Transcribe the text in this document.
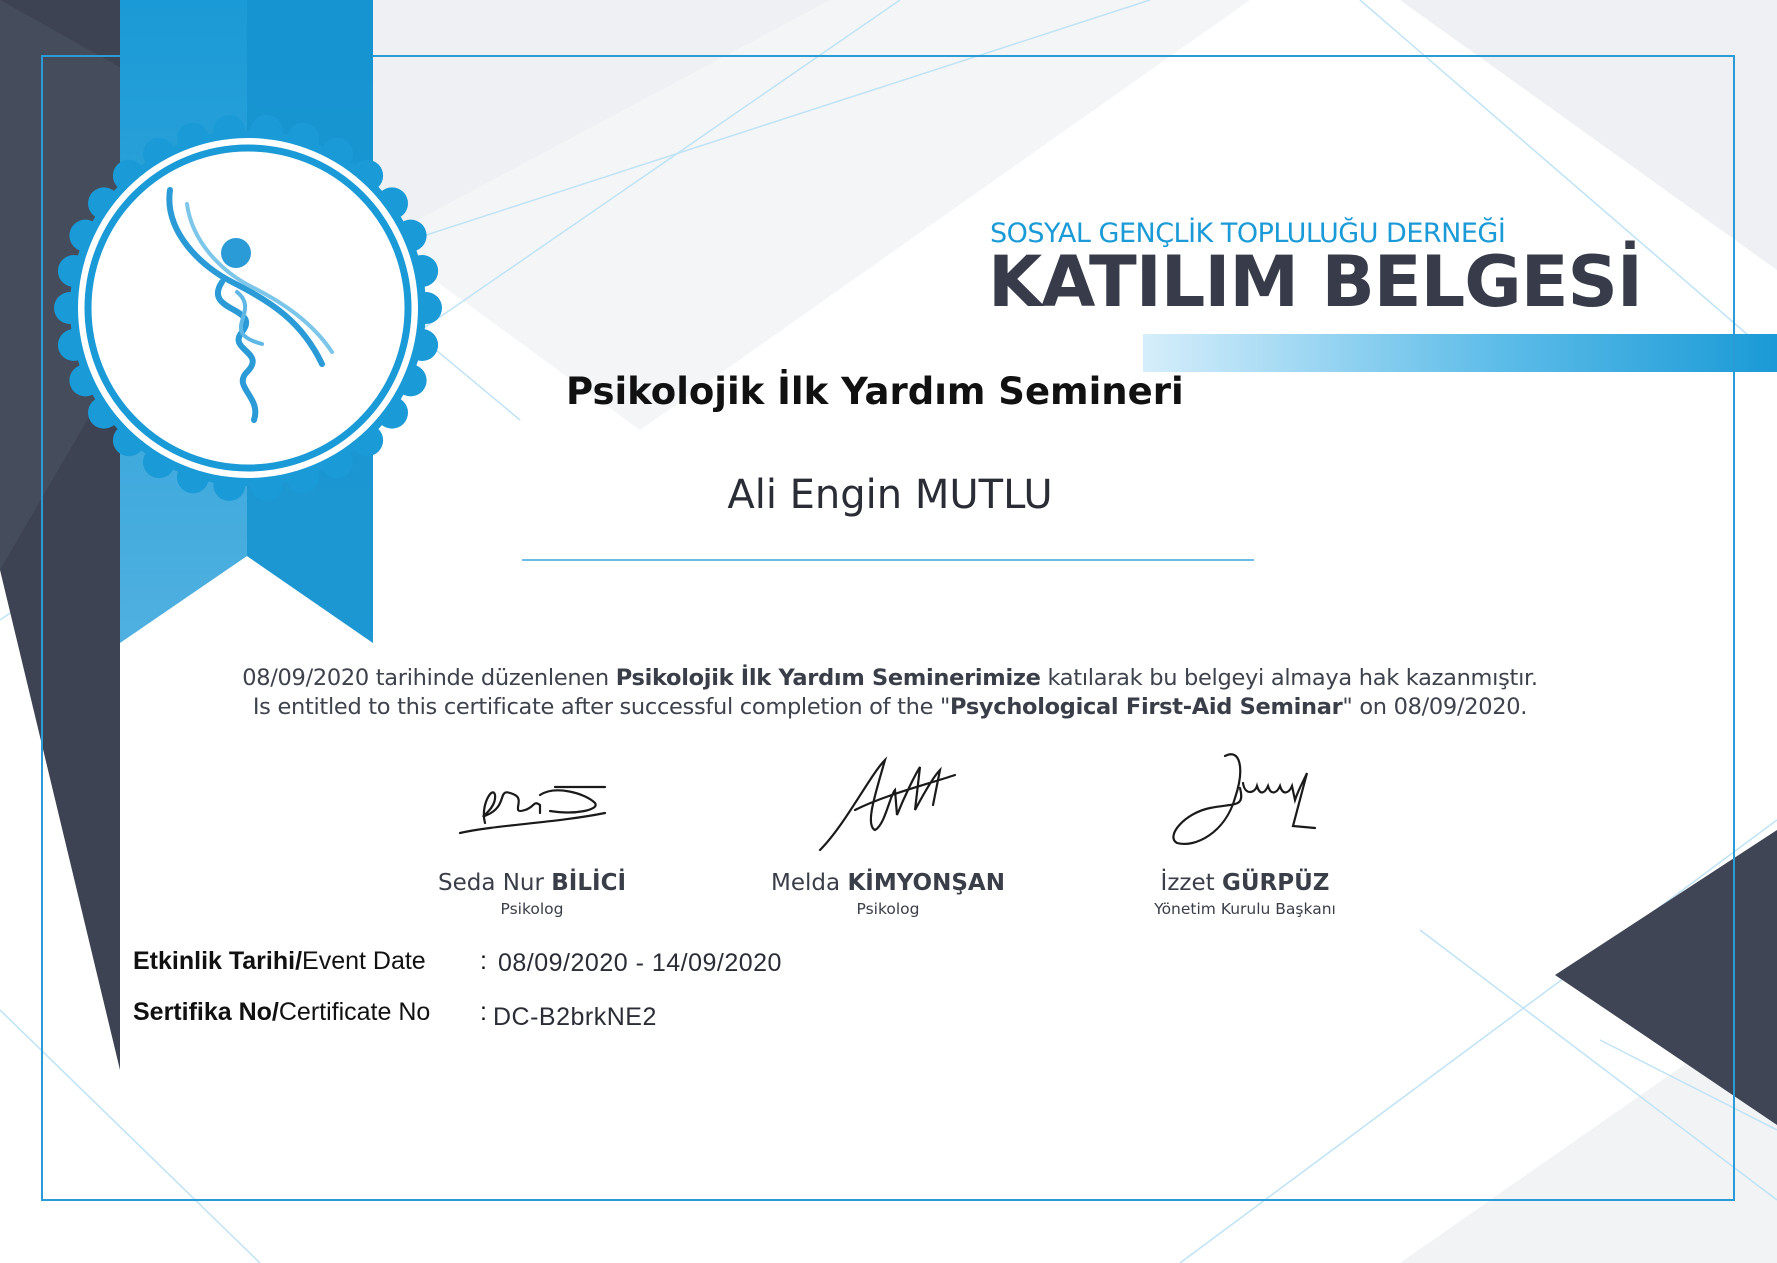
SOSYAL GENÇLİK TOPLULUĞU DERNEĞİ
KATILIM BELGESİ
Psikolojik İlk Yardım Semineri
Ali Engin MUTLU
08/09/2020 tarihinde düzenlenen Psikolojik İlk Yardım Seminerimize katılarak bu belgeyi almaya hak kazanmıştır.
Is entitled to this certificate after successful completion of the "Psychological First-Aid Seminar" on 08/09/2020.
Seda Nur BİLİCİ
Psikolog
Melda KİMYONŞAN
Psikolog
İzzet GÜRPÜZ
Yönetim Kurulu Başkanı
Etkinlik Tarihi/Event Date : 08/09/2020 - 14/09/2020
Sertifika No/Certificate No : DC-B2brkNE2
